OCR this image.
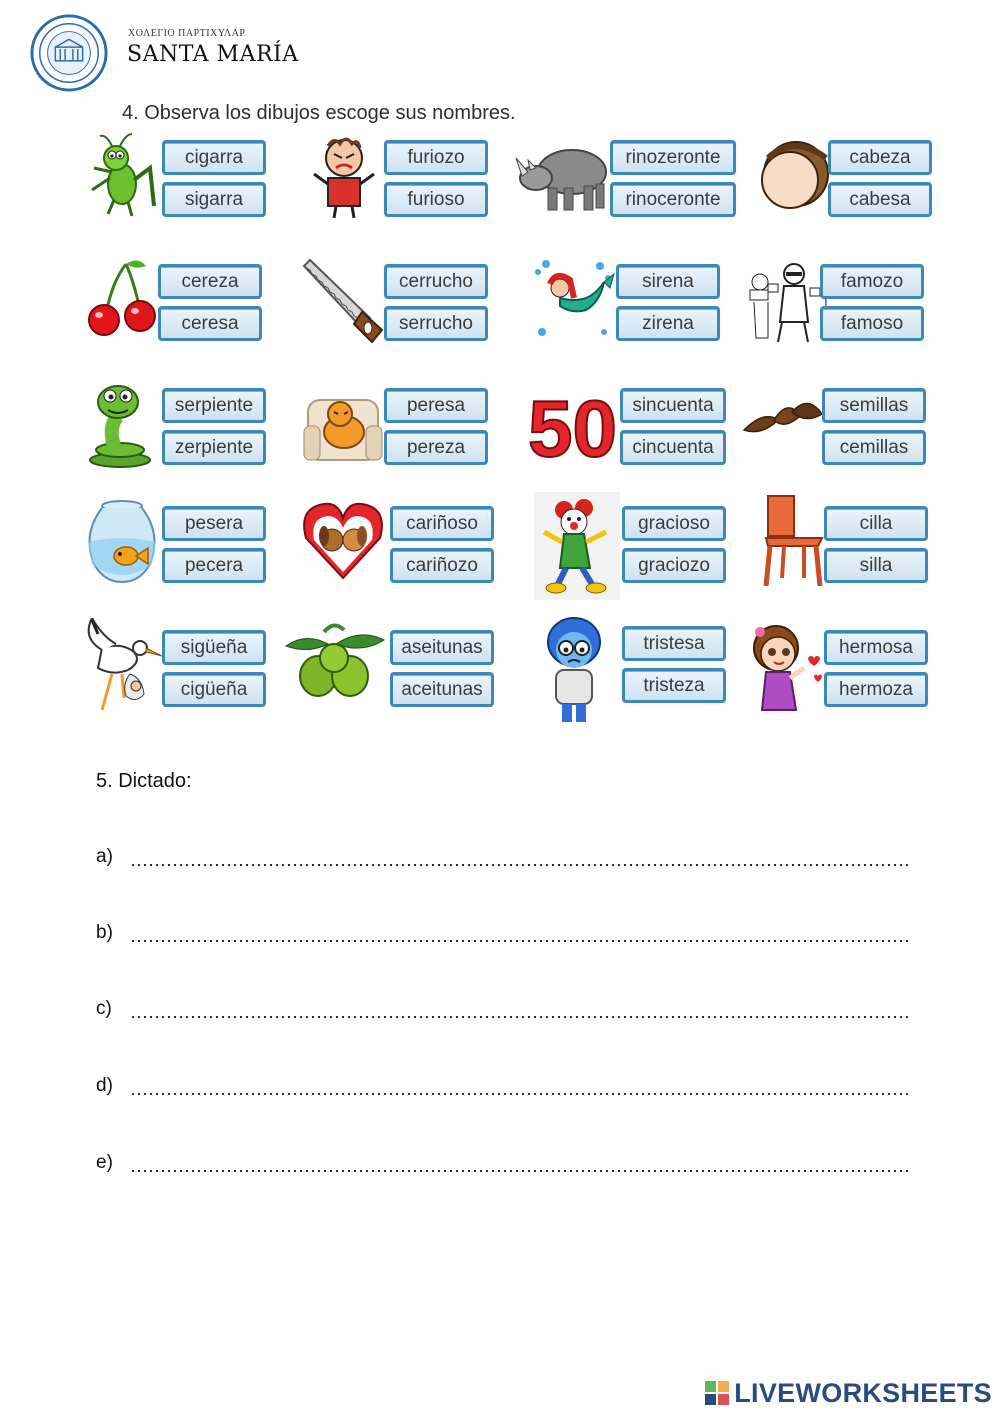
ΧΟΛΕΓΙΟ ΠΑΡΤΙΧΥΛΑΡ
SANTA MARÍA
4. Observa los dibujos escoge sus nombres.
cigarra
sigarra
furiozo
furioso
rinozeronte
rinoceronte
cabeza
cabesa
cereza
ceresa
cerrucho
serrucho
sirena
zirena
famozo
famoso
serpiente
zerpiente
peresa
pereza 50 sincuenta
cincuenta
semillas
cemillas
pesera
pecera
cariñoso
cariñozo
gracioso
graciozo
cilla
silla
sigüeña
cigüeña
aseitunas
aceitunas
tristesa
tristeza
hermosa
hermoza
5. Dictado:
a)
b)
c)
d)
e)
LIVEWORKSHEETS
